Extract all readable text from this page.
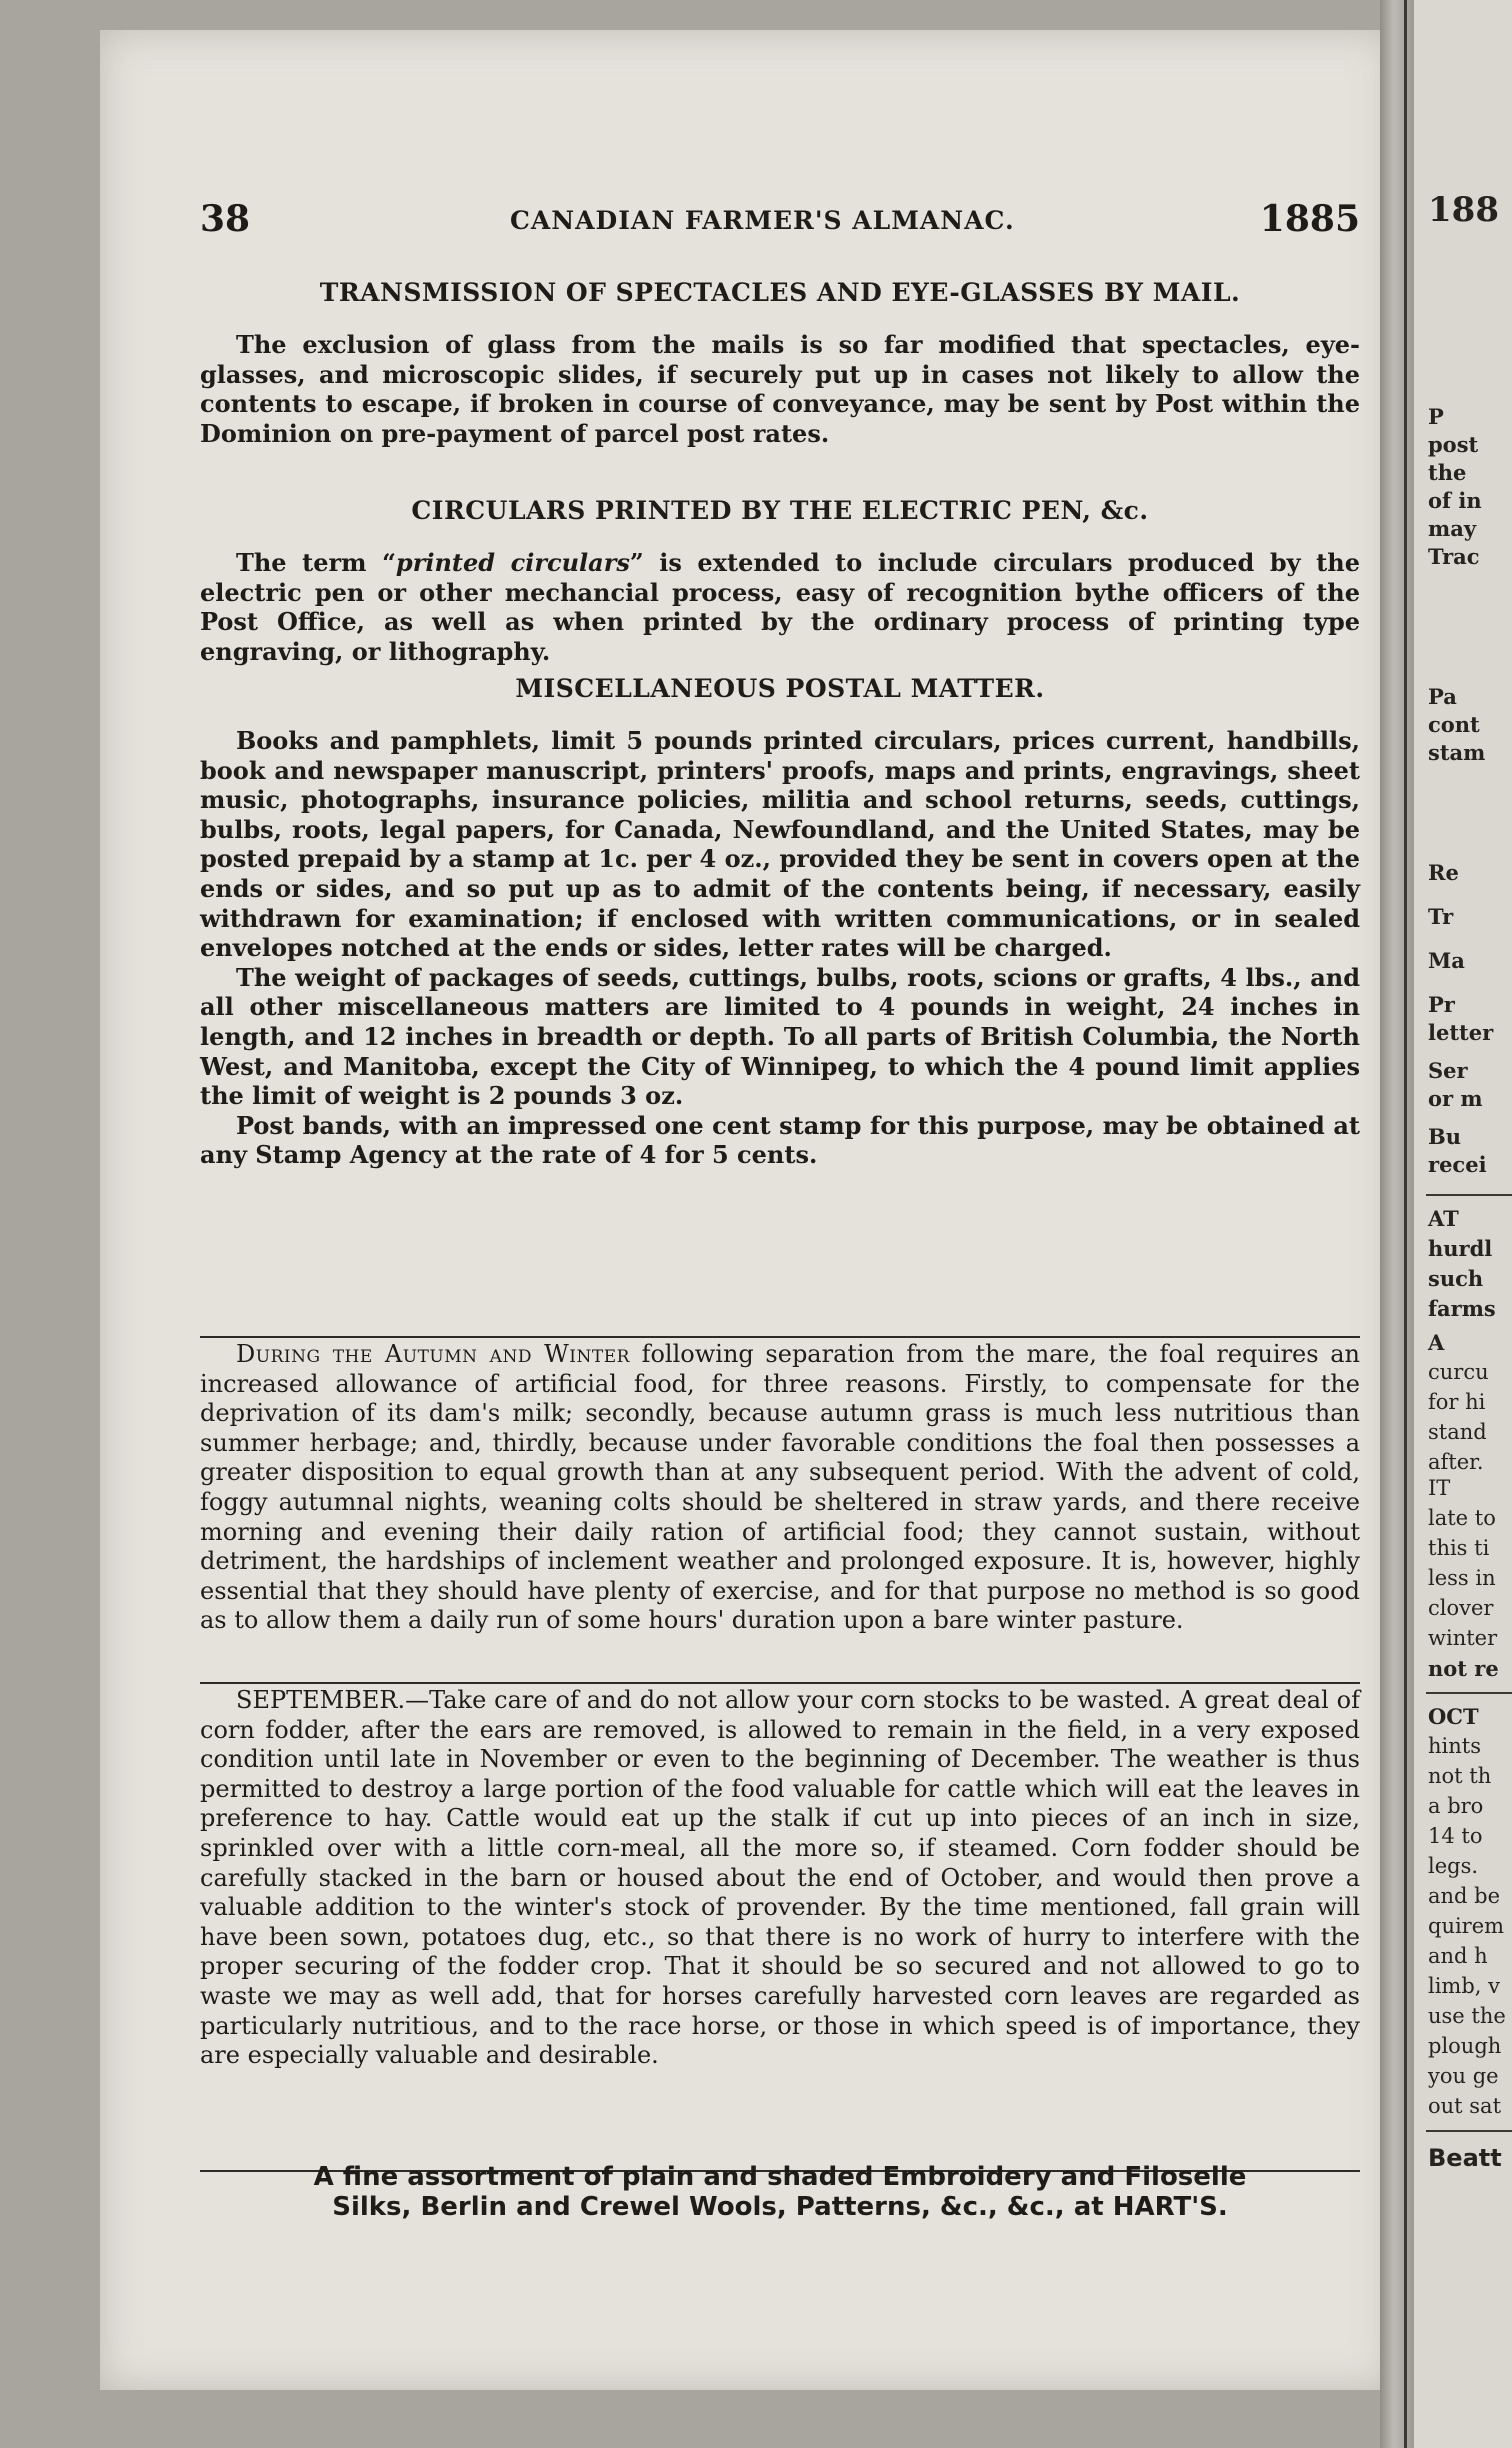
188
P
post
the
of in
may
Trac
Pa
cont
stam
Re
Tr
Ma
Pr
letter
Ser
or m
Bu
recei
AT
hurdl
such
farms
A
curcu
for hi
stand
after.
IT
late to
this ti
less in
clover
winter
not re
OCT
hints
not th
a bro
14 to
legs.
and be
quirem
and h
limb, v
use the
plough
you ge
out sat
Beatt
38	CANADIAN FARMER'S ALMANAC.	1885
TRANSMISSION OF SPECTACLES AND EYE-GLASSES BY MAIL.
The exclusion of glass from the mails is so far modified that spectacles, eye-glasses, and microscopic slides, if securely put up in cases not likely to allow the contents to escape, if broken in course of conveyance, may be sent by Post within the Dominion on pre-payment of parcel post rates.
CIRCULARS PRINTED BY THE ELECTRIC PEN, &c.
The term “printed circulars” is extended to include circulars produced by the electric pen or other mechancial process, easy of recognition bythe officers of the Post Office, as well as when printed by the ordinary process of printing type engraving, or lithography.
MISCELLANEOUS POSTAL MATTER.
Books and pamphlets, limit 5 pounds printed circulars, prices current, handbills, book and newspaper manuscript, printers' proofs, maps and prints, engravings, sheet music, photographs, insurance policies, militia and school returns, seeds, cuttings, bulbs, roots, legal papers, for Canada, Newfoundland, and the United States, may be posted prepaid by a stamp at 1c. per 4 oz., provided they be sent in covers open at the ends or sides, and so put up as to admit of the contents being, if necessary, easily withdrawn for examination; if enclosed with written communications, or in sealed envelopes notched at the ends or sides, letter rates will be charged.
The weight of packages of seeds, cuttings, bulbs, roots, scions or grafts, 4 lbs., and all other miscellaneous matters are limited to 4 pounds in weight, 24 inches in length, and 12 inches in breadth or depth. To all parts of British Columbia, the North West, and Manitoba, except the City of Winnipeg, to which the 4 pound limit applies the limit of weight is 2 pounds 3 oz.
Post bands, with an impressed one cent stamp for this purpose, may be obtained at any Stamp Agency at the rate of 4 for 5 cents.
During the Autumn and Winter following separation from the mare, the foal requires an increased allowance of artificial food, for three reasons. Firstly, to compensate for the deprivation of its dam's milk; secondly, because autumn grass is much less nutritious than summer herbage; and, thirdly, because under favorable conditions the foal then possesses a greater disposition to equal growth than at any subsequent period. With the advent of cold, foggy autumnal nights, weaning colts should be sheltered in straw yards, and there receive morning and evening their daily ration of artificial food; they cannot sustain, without detriment, the hardships of inclement weather and prolonged exposure. It is, however, highly essential that they should have plenty of exercise, and for that purpose no method is so good as to allow them a daily run of some hours' duration upon a bare winter pasture.
SEPTEMBER.—Take care of and do not allow your corn stocks to be wasted. A great deal of corn fodder, after the ears are removed, is allowed to remain in the field, in a very exposed condition until late in November or even to the beginning of December. The weather is thus permitted to destroy a large portion of the food valuable for cattle which will eat the leaves in preference to hay. Cattle would eat up the stalk if cut up into pieces of an inch in size, sprinkled over with a little corn-meal, all the more so, if steamed. Corn fodder should be carefully stacked in the barn or housed about the end of October, and would then prove a valuable addition to the winter's stock of provender. By the time mentioned, fall grain will have been sown, potatoes dug, etc., so that there is no work of hurry to interfere with the proper securing of the fodder crop. That it should be so secured and not allowed to go to waste we may as well add, that for horses carefully harvested corn leaves are regarded as particularly nutritious, and to the race horse, or those in which speed is of importance, they are especially valuable and desirable.
A fine assortment of plain and shaded Embroidery and Filoselle
Silks, Berlin and Crewel Wools, Patterns, &c., &c., at HART'S.
